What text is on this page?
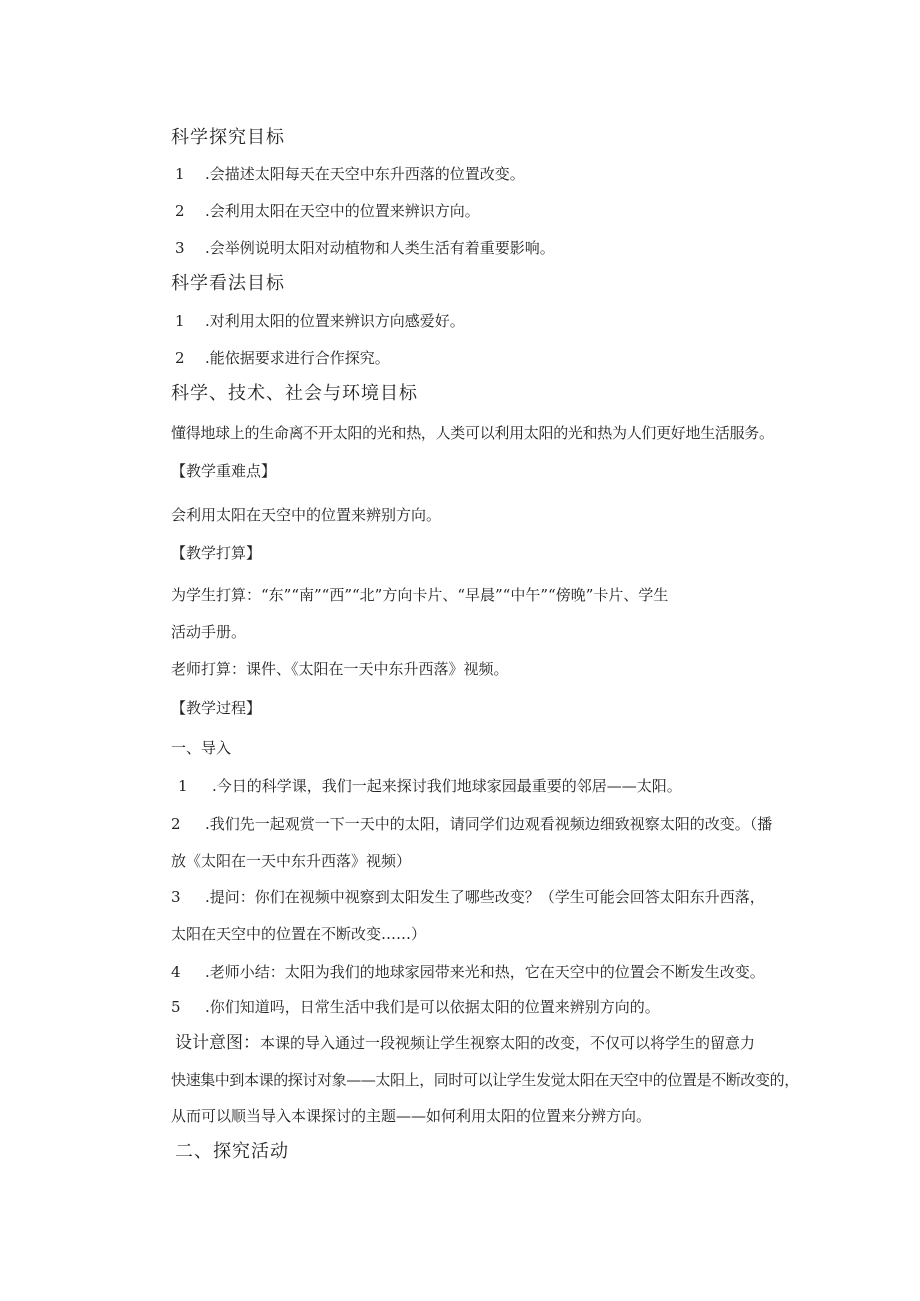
科学探究目标
1 .会描述太阳每天在天空中东升西落的位置改变。
2 .会利用太阳在天空中的位置来辨识方向。
3 .会举例说明太阳对动植物和人类生活有着重要影响。
科学看法目标
1 .对利用太阳的位置来辨识方向感爱好。
2 .能依据要求进行合作探究。
科学、技术、社会与环境目标
懂得地球上的生命离不开太阳的光和热，人类可以利用太阳的光和热为人们更好地生活服务。
【教学重难点】
会利用太阳在天空中的位置来辨别方向。
【教学打算】
为学生打算：“东”“南”“西”“北”方向卡片、“早晨”“中午”“傍晚”卡片、学生
活动手册。
老师打算：课件、《太阳在一天中东升西落》视频。
【教学过程】
一、导入
1 .今日的科学课，我们一起来探讨我们地球家园最重要的邻居——太阳。
2 .我们先一起观赏一下一天中的太阳，请同学们边观看视频边细致视察太阳的改变。（播
放《太阳在一天中东升西落》视频）
3 .提问：你们在视频中视察到太阳发生了哪些改变？（学生可能会回答太阳东升西落，
太阳在天空中的位置在不断改变……）
4 .老师小结：太阳为我们的地球家园带来光和热，它在天空中的位置会不断发生改变。
5 .你们知道吗，日常生活中我们是可以依据太阳的位置来辨别方向的。
设计意图：本课的导入通过一段视频让学生视察太阳的改变，不仅可以将学生的留意力
快速集中到本课的探讨对象——太阳上，同时可以让学生发觉太阳在天空中的位置是不断改变的，
从而可以顺当导入本课探讨的主题——如何利用太阳的位置来分辨方向。
二、探究活动
